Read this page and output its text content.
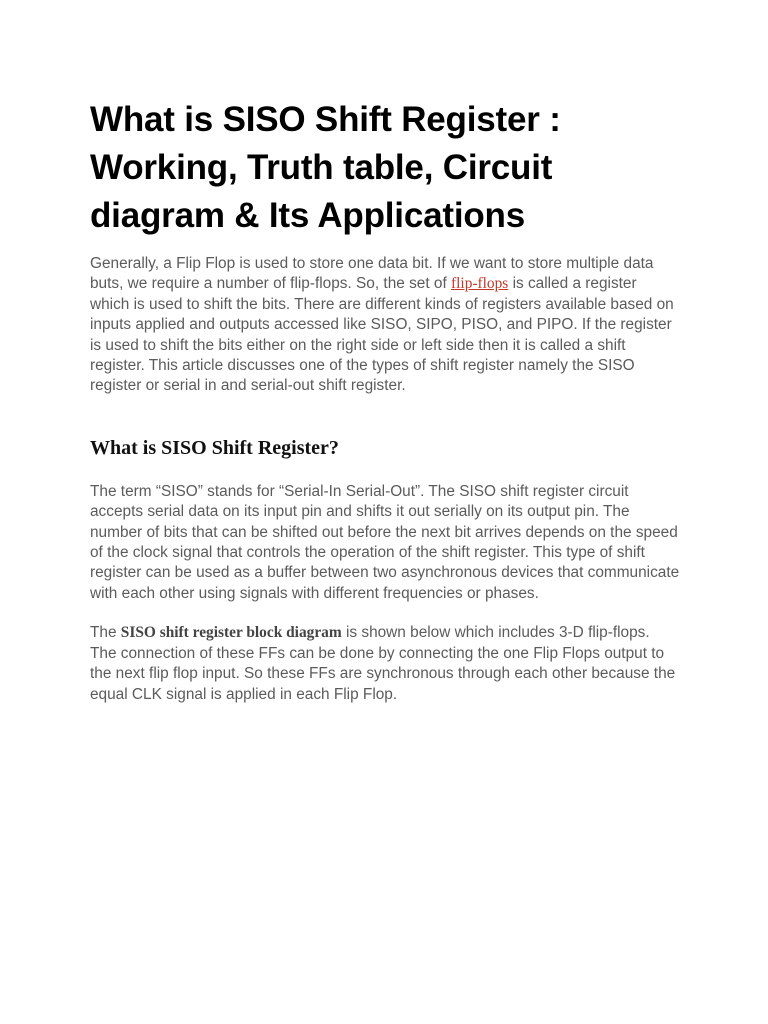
What is SISO Shift Register : Working, Truth table, Circuit diagram & Its Applications

Generally, a Flip Flop is used to store one data bit. If we want to store multiple data buts, we require a number of flip-flops. So, the set of flip-flops is called a register which is used to shift the bits. There are different kinds of registers available based on inputs applied and outputs accessed like SISO, SIPO, PISO, and PIPO. If the register is used to shift the bits either on the right side or left side then it is called a shift register. This article discusses one of the types of shift register namely the SISO register or serial in and serial-out shift register.

What is SISO Shift Register?

The term “SISO” stands for “Serial-In Serial-Out”. The SISO shift register circuit accepts serial data on its input pin and shifts it out serially on its output pin. The number of bits that can be shifted out before the next bit arrives depends on the speed of the clock signal that controls the operation of the shift register. This type of shift register can be used as a buffer between two asynchronous devices that communicate with each other using signals with different frequencies or phases.

The SISO shift register block diagram is shown below which includes 3-D flip-flops. The connection of these FFs can be done by connecting the one Flip Flops output to the next flip flop input. So these FFs are synchronous through each other because the equal CLK signal is applied in each Flip Flop.
